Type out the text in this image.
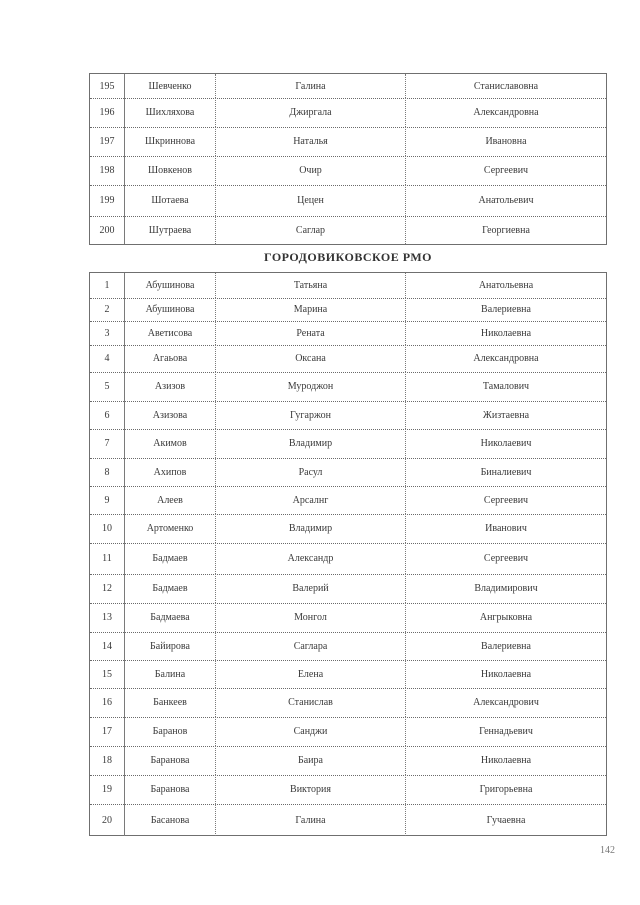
195	Шевченко	Галина	Станиславовна
196	Шихляхова	Джиргала	Александровна
197	Шкриннова	Наталья	Ивановна
198	Шовкенов	Очир	Сергеевич
199	Шотаева	Цецен	Анатольевич
200	Шутраева	Саглар	Георгиевна
ГОРОДОВИКОВСКОЕ РМО
1	Абушинова	Татьяна	Анатольевна
2	Абушинова	Марина	Валериевна
3	Аветисова	Рената	Николаевна
4	Агаьова	Оксана	Александровна
5	Азизов	Муроджон	Тамалович
6	Азизова	Гугаржон	Жизтаевна
7	Акимов	Владимир	Николаевич
8	Ахипов	Расул	Биналиевич
9	Алеев	Арсалнг	Сергеевич
10	Артоменко	Владимир	Иванович
11	Бадмаев	Александр	Сергеевич
12	Бадмаев	Валерий	Владимирович
13	Бадмаева	Монгол	Ангрыковна
14	Байирова	Саглара	Валериевна
15	Балина	Елена	Николаевна
16	Банкеев	Станислав	Александрович
17	Баранов	Санджи	Геннадьевич
18	Баранова	Баира	Николаевна
19	Баранова	Виктория	Григорьевна
20	Басанова	Галина	Гучаевна
142
